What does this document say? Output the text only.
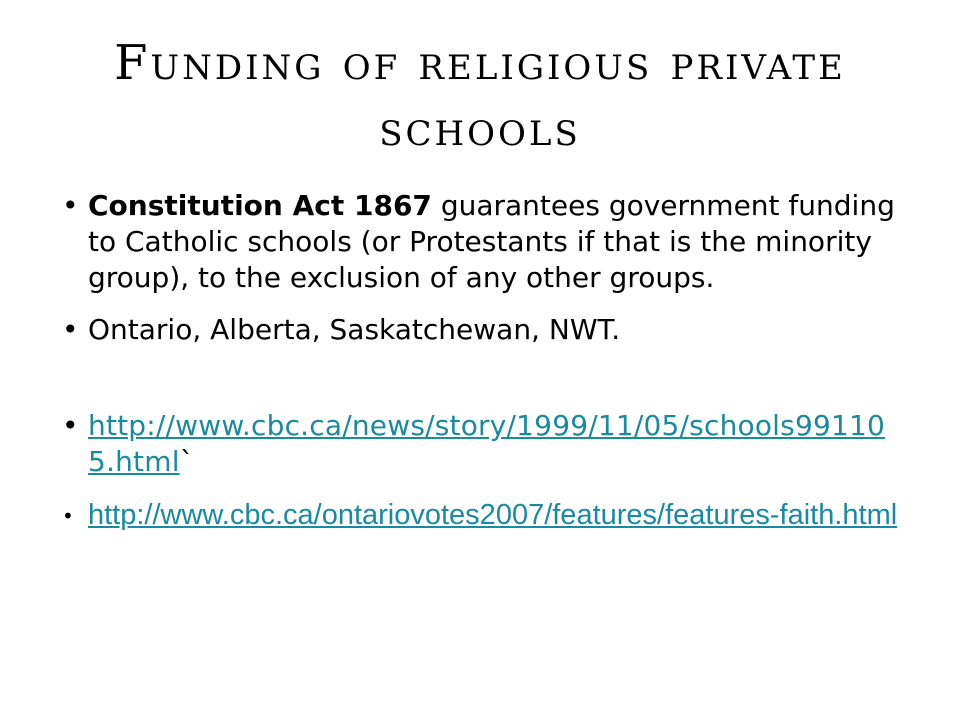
Funding of religious private schools
• Constitution Act 1867 guarantees government funding to Catholic schools (or Protestants if that is the minority group), to the exclusion of any other groups.
• Ontario, Alberta, Saskatchewan, NWT.
• http://www.cbc.ca/news/story/1999/11/05/schools991105.html`
• http://www.cbc.ca/ontariovotes2007/features/features-faith.html
